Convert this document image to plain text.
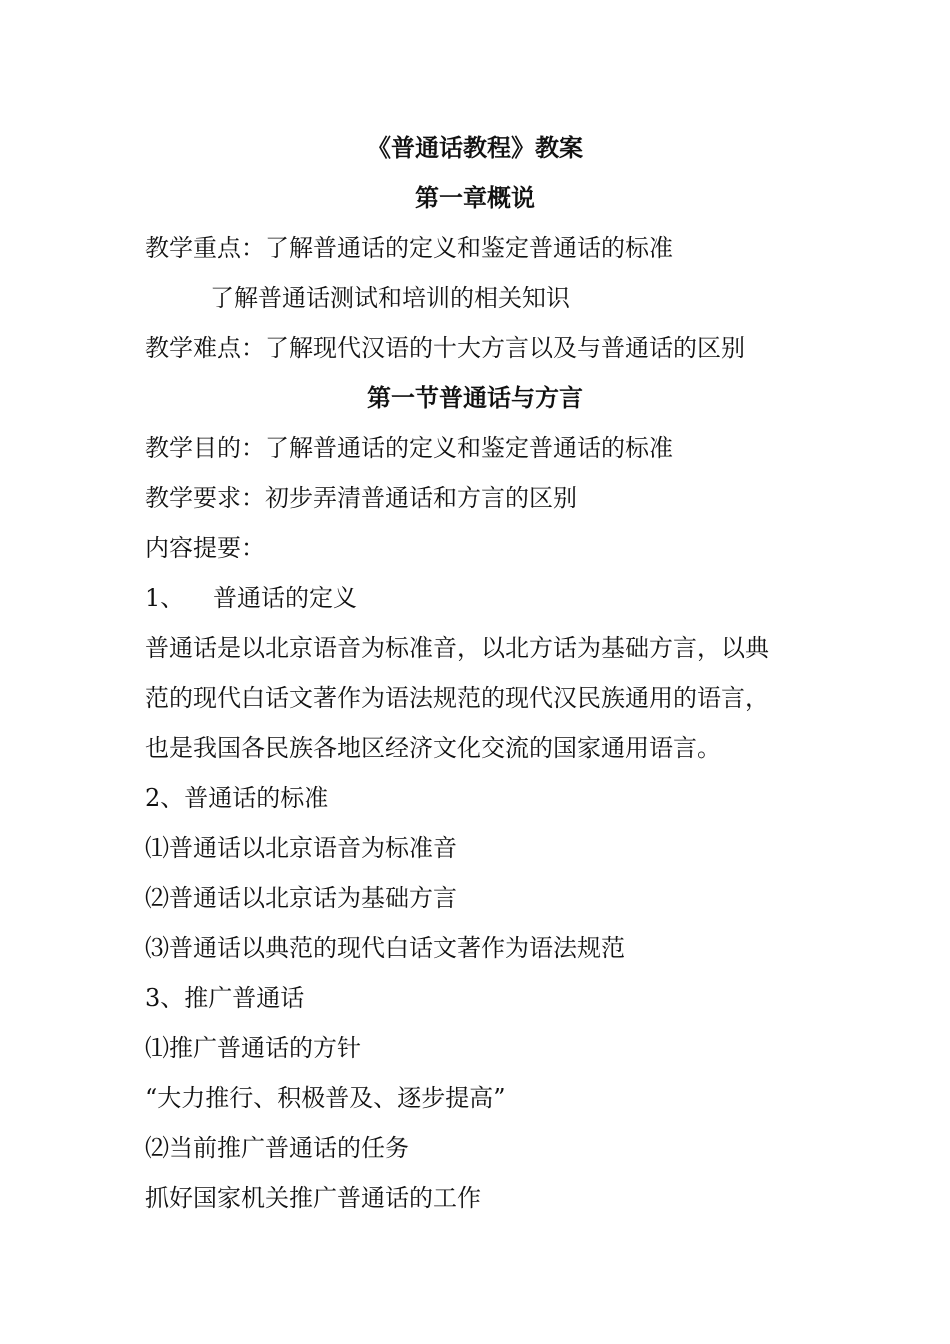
《普通话教程》教案
第一章概说
教学重点：了解普通话的定义和鉴定普通话的标准
了解普通话测试和培训的相关知识
教学难点：了解现代汉语的十大方言以及与普通话的区别
第一节普通话与方言
教学目的：了解普通话的定义和鉴定普通话的标准
教学要求：初步弄清普通话和方言的区别
内容提要：
1、 普通话的定义
普通话是以北京语音为标准音，以北方话为基础方言，以典
范的现代白话文著作为语法规范的现代汉民族通用的语言，
也是我国各民族各地区经济文化交流的国家通用语言。
2、普通话的标准
⑴普通话以北京语音为标准音
⑵普通话以北京话为基础方言
⑶普通话以典范的现代白话文著作为语法规范
3、推广普通话
⑴推广普通话的方针
“大力推行、积极普及、逐步提高”
⑵当前推广普通话的任务
抓好国家机关推广普通话的工作
